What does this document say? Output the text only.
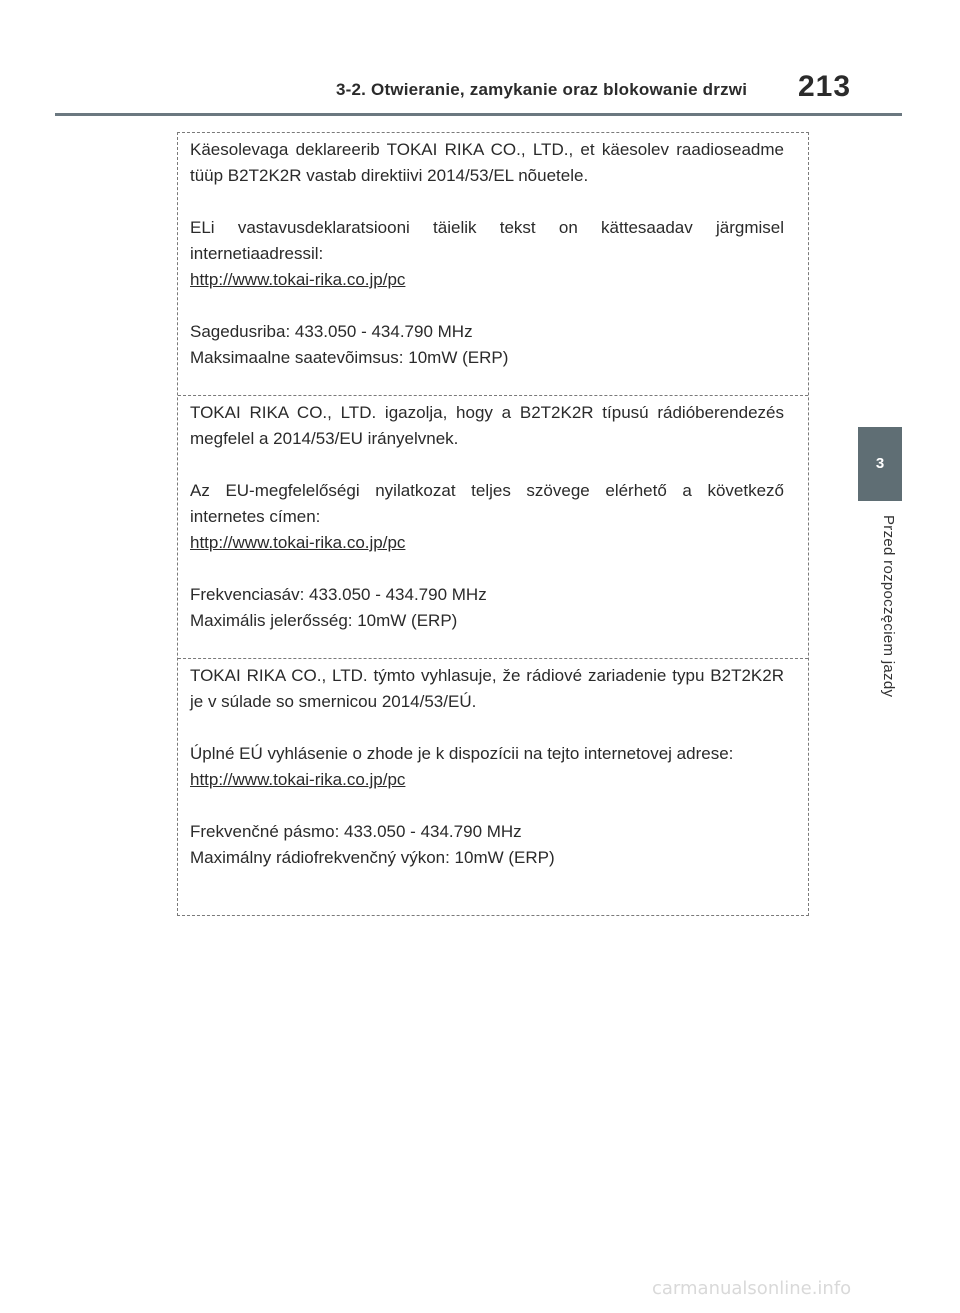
3-2. Otwieranie, zamykanie oraz blokowanie drzwi 213
3
Przed rozpoczęciem jazdy

Käesolevaga deklareerib TOKAI RIKA CO., LTD., et käesolev raadioseadme tüüp B2T2K2R vastab direktiivi 2014/53/EL nõuetele.

ELi vastavusdeklaratsiooni täielik tekst on kättesaadav järgmisel internetiaadressil:

http://www.tokai-rika.co.jp/pc

Sagedusriba: 433.050 - 434.790 MHz

Maksimaalne saatevõimsus: 10mW (ERP)

TOKAI RIKA CO., LTD. igazolja, hogy a B2T2K2R típusú rádióberendezés megfelel a 2014/53/EU irányelvnek.

Az EU-megfelelőségi nyilatkozat teljes szövege elérhető a következő internetes címen:

http://www.tokai-rika.co.jp/pc

Frekvenciasáv: 433.050 - 434.790 MHz

Maximális jelerősség: 10mW (ERP)

TOKAI RIKA CO., LTD. týmto vyhlasuje, že rádiové zariadenie typu B2T2K2R je v súlade so smernicou 2014/53/EÚ.

Úplné EÚ vyhlásenie o zhode je k dispozícii na tejto internetovej adrese:

http://www.tokai-rika.co.jp/pc

Frekvenčné pásmo: 433.050 - 434.790 MHz

Maximálny rádiofrekvenčný výkon: 10mW (ERP)

carmanualsonline.info
